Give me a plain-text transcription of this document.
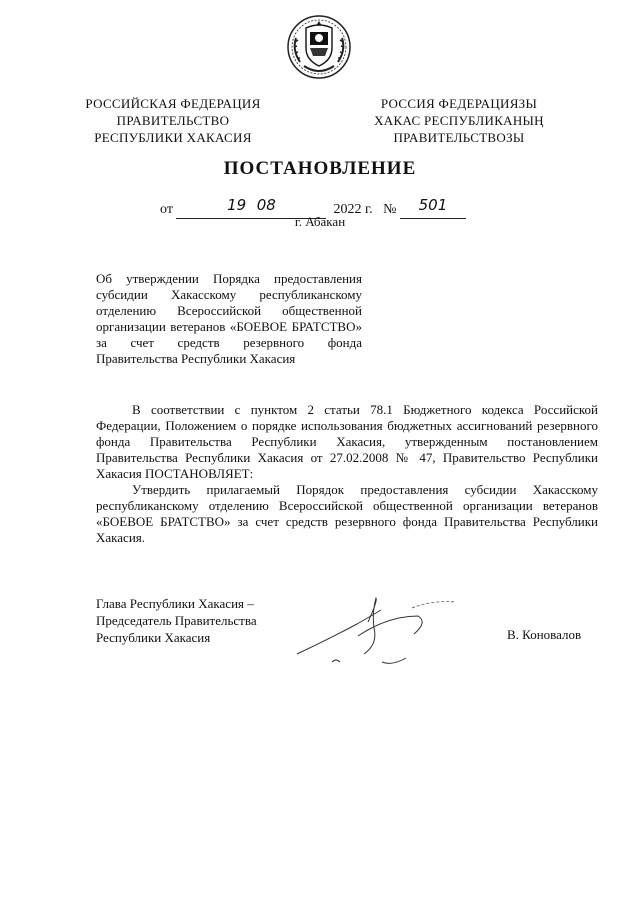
РОССИЙСКАЯ ФЕДЕРАЦИЯ
ПРАВИТЕЛЬСТВО
РЕСПУБЛИКИ ХАКАСИЯ
РОССИЯ ФЕДЕРАЦИЯЗЫ
ХАКАС РЕСПУБЛИКАНЫҢ
ПРАВИТЕЛЬСТВОЗЫ
ПОСТАНОВЛЕНИЕ
от	19 08	2022 г. № 501
г. Абакан
Об утверждении Порядка предоставления субсидии Хакасскому республиканскому отделению Всероссийской общественной организации ветеранов «БОЕВОЕ БРАТСТВО» за счет средств резервного фонда Правительства Республики Хакасия

В соответствии с пунктом 2 статьи 78.1 Бюджетного кодекса Российской Федерации, Положением о порядке использования бюджетных ассигнований резервного фонда Правительства Республики Хакасия, утвержденным постановлением Правительства Республики Хакасия от 27.02.2008 № 47, Правительство Республики Хакасия ПОСТАНОВЛЯЕТ:

Утвердить прилагаемый Порядок предоставления субсидии Хакасскому республиканскому отделению Всероссийской общественной организации ветеранов «БОЕВОЕ БРАТСТВО» за счет средств резервного фонда Правительства Республики Хакасия.

Глава Республики Хакасия –
Председатель Правительства
Республики Хакасия	В. Коновалов
